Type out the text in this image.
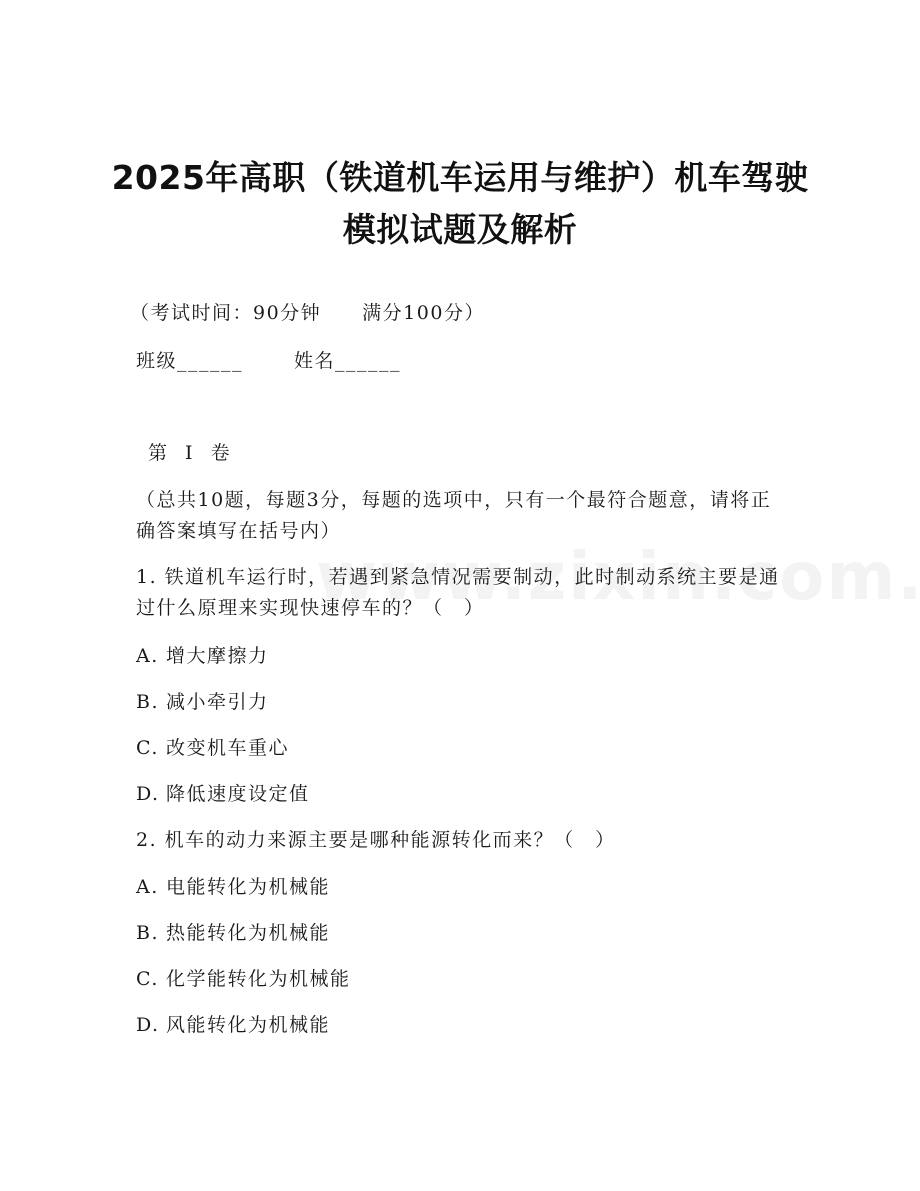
2025年高职（铁道机车运用与维护）机车驾驶模拟试题及解析
（考试时间：90分钟　　满分100分）
班级______	姓名______
第 I 卷
（总共10题，每题3分，每题的选项中，只有一个最符合题意，请将正确答案填写在括号内）
1. 铁道机车运行时，若遇到紧急情况需要制动，此时制动系统主要是通过什么原理来实现快速停车的？（　）
A. 增大摩擦力
B. 减小牵引力
C. 改变机车重心
D. 降低速度设定值
2. 机车的动力来源主要是哪种能源转化而来？（　）
A. 电能转化为机械能
B. 热能转化为机械能
C. 化学能转化为机械能
D. 风能转化为机械能
